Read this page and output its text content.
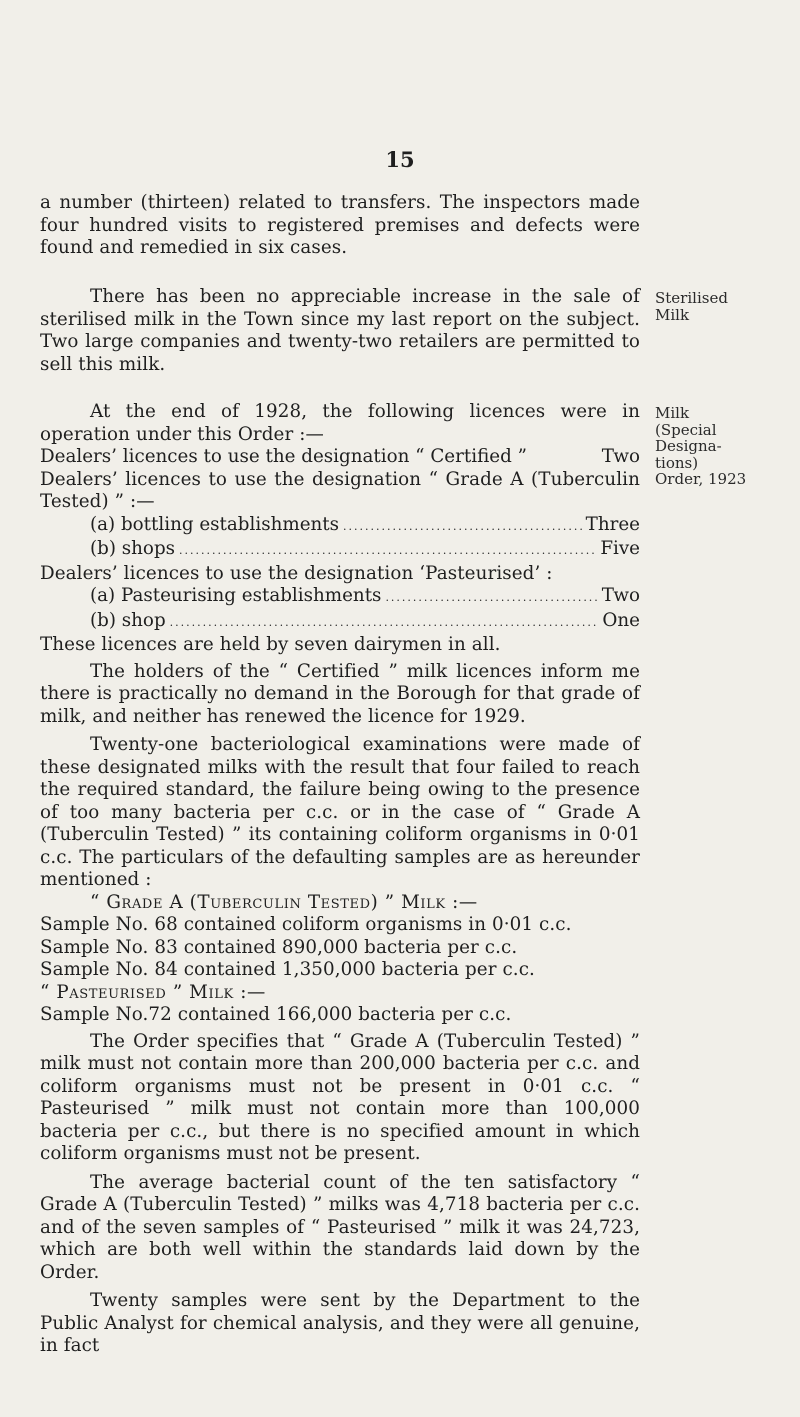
15

a number (thirteen) related to transfers. The inspectors made four hundred visits to registered premises and defects were found and remedied in six cases.

There has been no appreciable increase in the sale of sterilised milk in the Town since my last report on the subject. Two large companies and twenty-two retailers are permitted to sell this milk.

Sterilised
Milk

At the end of 1928, the following licences were in operation under this Order :—

Dealers’ licences to use the designation “ Certified ”	Two

Dealers’ licences to use the designation “ Grade A (Tuberculin Tested) ” :—

(a) bottling establishments .....	Three
(b) shops .....	Five

Dealers’ licences to use the designation ‘Pasteurised’ :

(a) Pasteurising establishments .....	Two
(b) shop .....	One

These licences are held by seven dairymen in all.

The holders of the “ Certified ” milk licences inform me there is practically no demand in the Borough for that grade of milk, and neither has renewed the licence for 1929.

Twenty-one bacteriological examinations were made of these designated milks with the result that four failed to reach the required standard, the failure being owing to the presence of too many bacteria per c.c. or in the case of “ Grade A (Tuberculin Tested) ” its containing coliform organisms in 0·01 c.c. The particulars of the defaulting samples are as hereunder mentioned :

“ Grade A (Tuberculin Tested) ” Milk :—

Sample No. 68 contained coliform organisms in 0·01 c.c.

Sample No. 83 contained 890,000 bacteria per c.c.

Sample No. 84 contained 1,350,000 bacteria per c.c.

“ Pasteurised ” Milk :—

Sample No.72 contained 166,000 bacteria per c.c.

The Order specifies that “ Grade A (Tuberculin Tested) ” milk must not contain more than 200,000 bacteria per c.c. and coliform organisms must not be present in 0·01 c.c. “ Pasteurised ” milk must not contain more than 100,000 bacteria per c.c., but there is no specified amount in which coliform organisms must not be present.

The average bacterial count of the ten satisfactory “ Grade A (Tuberculin Tested) ” milks was 4,718 bacteria per c.c. and of the seven samples of “ Pasteurised ” milk it was 24,723, which are both well within the standards laid down by the Order.

Twenty samples were sent by the Department to the Public Analyst for chemical analysis, and they were all genuine, in fact

Milk
(Special
Designa-
tions)
Order, 1923
